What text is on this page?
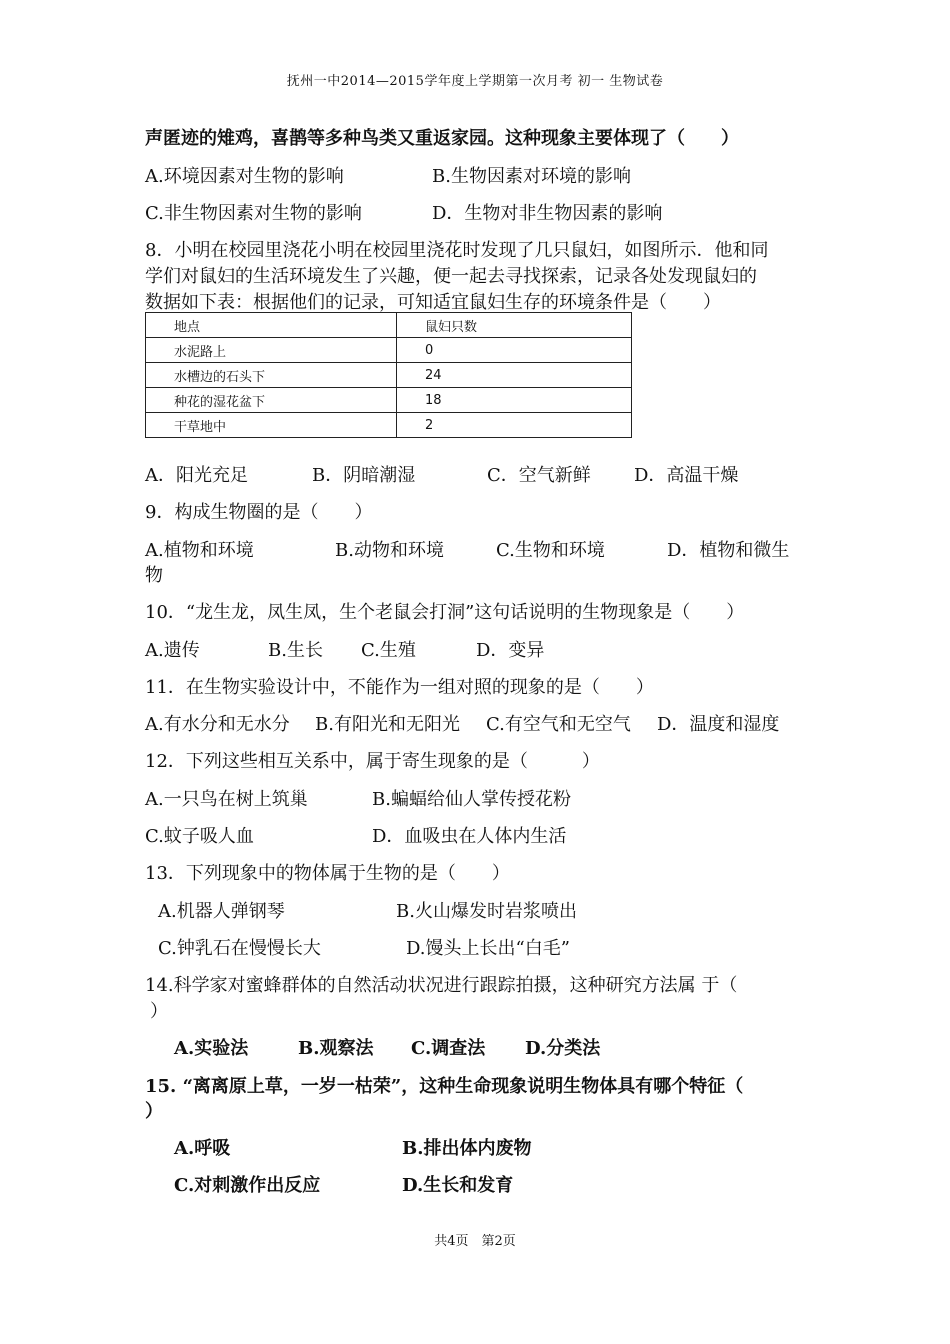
抚州一中2014—2015学年度上学期第一次月考 初一 生物试卷
声匿迹的雉鸡，喜鹊等多种鸟类又重返家园。这种现象主要体现了（　　）
A.环境因素对生物的影响	B.生物因素对环境的影响
C.非生物因素对生物的影响	D．生物对非生物因素的影响
8．小明在校园里浇花小明在校园里浇花时发现了几只鼠妇，如图所示．他和同
学们对鼠妇的生活环境发生了兴趣，便一起去寻找探索，记录各处发现鼠妇的
数据如下表：根据他们的记录，可知适宜鼠妇生存的环境条件是（　　）
地点	鼠妇只数
水泥路上	0
水槽边的石头下	24
种花的湿花盆下	18
干草地中	2
A．阳光充足	B．阴暗潮湿	C．空气新鲜 D．高温干燥
9．构成生物圈的是（　　）
A.植物和环境	B.动物和环境	C.生物和环境	D．植物和微生
物
10．“龙生龙，凤生凤，生个老鼠会打洞”这句话说明的生物现象是（　　）
A.遗传	B.生长 C.生殖	D．变异
11．在生物实验设计中，不能作为一组对照的现象的是（　　）
A.有水分和无水分 B.有阳光和无阳光 C.有空气和无空气 D．温度和湿度
12．下列这些相互关系中，属于寄生现象的是（　　　）
A.一只鸟在树上筑巢	B.蝙蝠给仙人掌传授花粉
C.蚊子吸人血	D．血吸虫在人体内生活
13．下列现象中的物体属于生物的是（　　）
A.机器人弹钢琴	B.火山爆发时岩浆喷出
C.钟乳石在慢慢长大	D.馒头上长出“白毛”
14.科学家对蜜蜂群体的自然活动状况进行跟踪拍摄，这种研究方法属 于（
）
A.实验法	B.观察法 C.调查法 D.分类法
15. “离离原上草，一岁一枯荣”，这种生命现象说明生物体具有哪个特征（
）
A.呼吸	B.排出体内废物
C.对刺激作出反应	D.生长和发育
共4页　第2页
